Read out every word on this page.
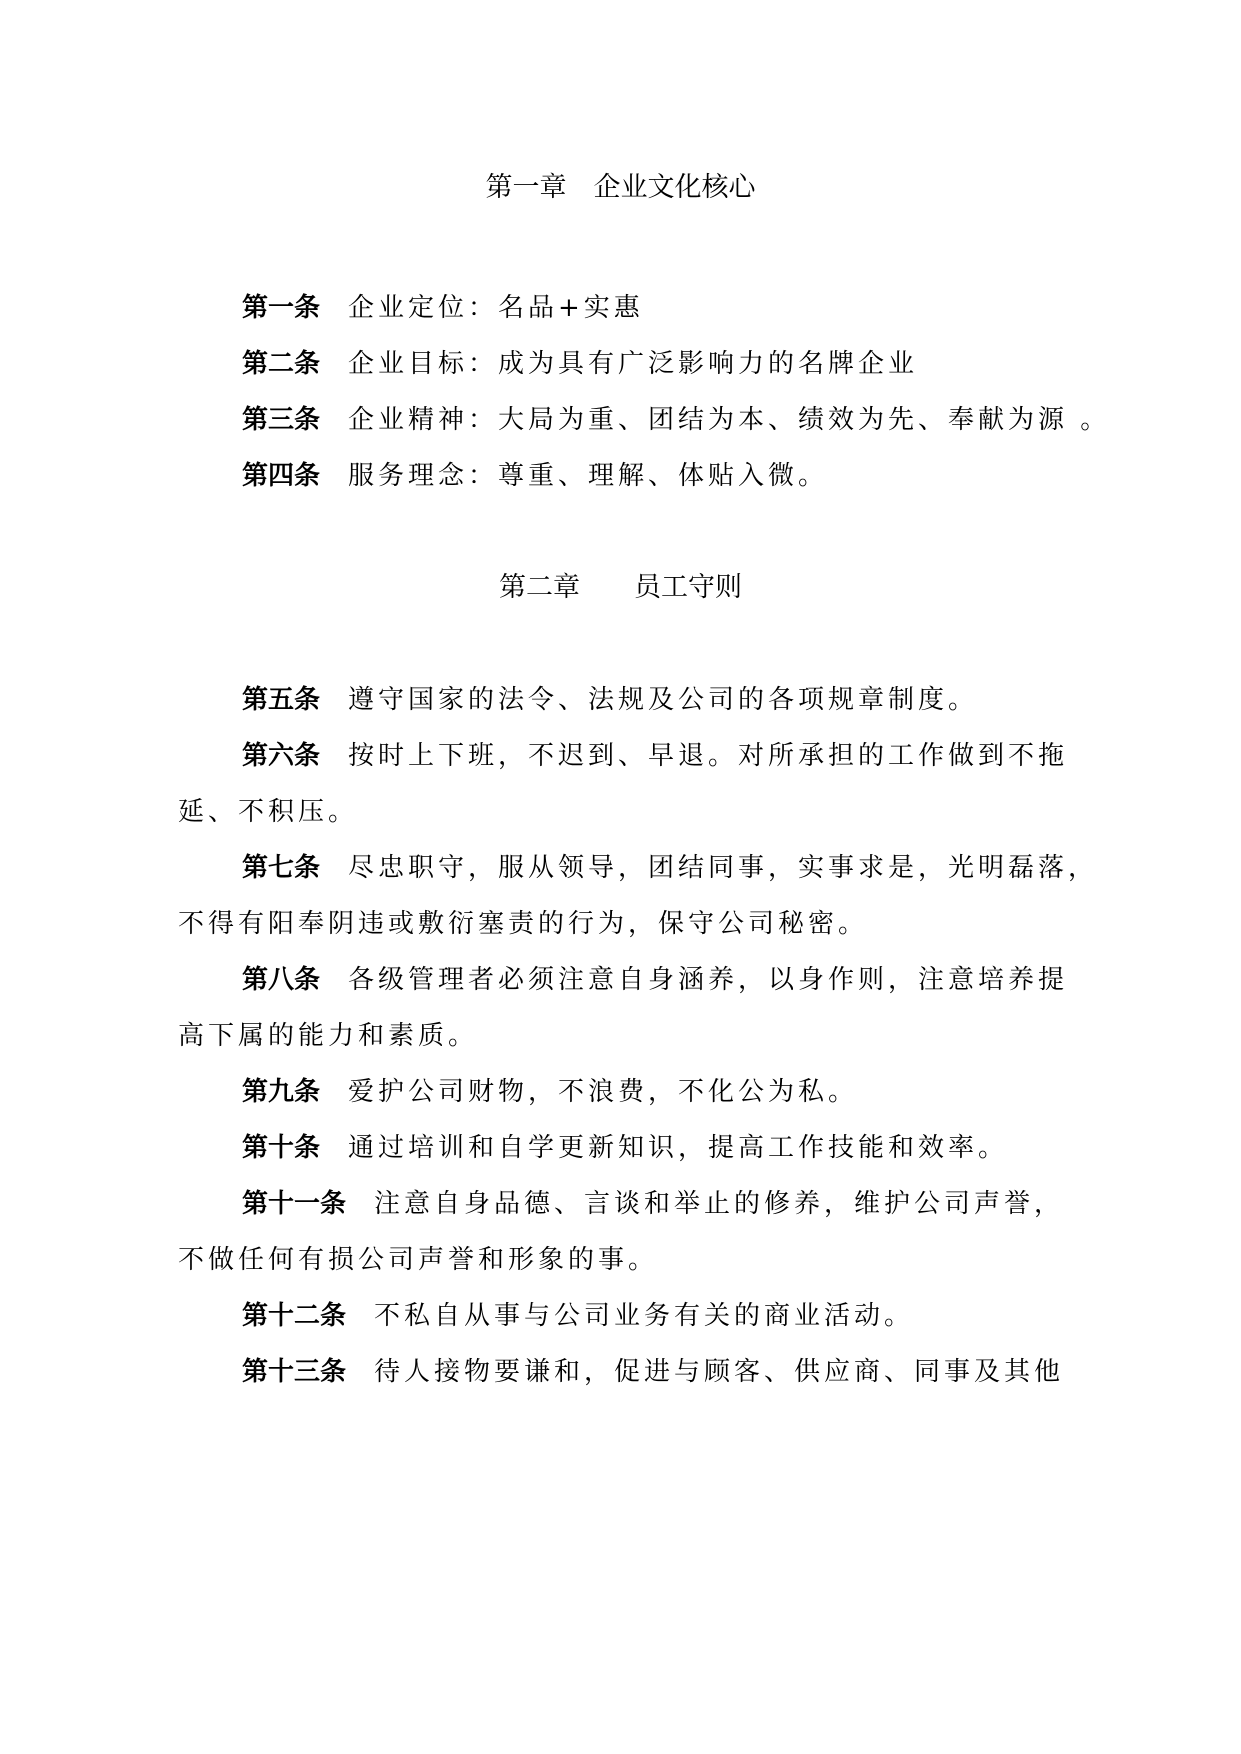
第一章　企业文化核心
第一条 企业定位：名品+实惠
第二条 企业目标：成为具有广泛影响力的名牌企业
第三条 企业精神：大局为重、团结为本、绩效为先、奉献为源 。
第四条 服务理念：尊重、理解、体贴入微。
第二章　　员工守则
第五条 遵守国家的法令、法规及公司的各项规章制度。
第六条 按时上下班，不迟到、早退。对所承担的工作做到不拖
延、不积压。
第七条 尽忠职守，服从领导，团结同事，实事求是，光明磊落，
不得有阳奉阴违或敷衍塞责的行为，保守公司秘密。
第八条 各级管理者必须注意自身涵养，以身作则，注意培养提
高下属的能力和素质。
第九条 爱护公司财物，不浪费，不化公为私。
第十条 通过培训和自学更新知识，提高工作技能和效率。
第十一条 注意自身品德、言谈和举止的修养，维护公司声誉，
不做任何有损公司声誉和形象的事。
第十二条 不私自从事与公司业务有关的商业活动。
第十三条 待人接物要谦和，促进与顾客、供应商、同事及其他
